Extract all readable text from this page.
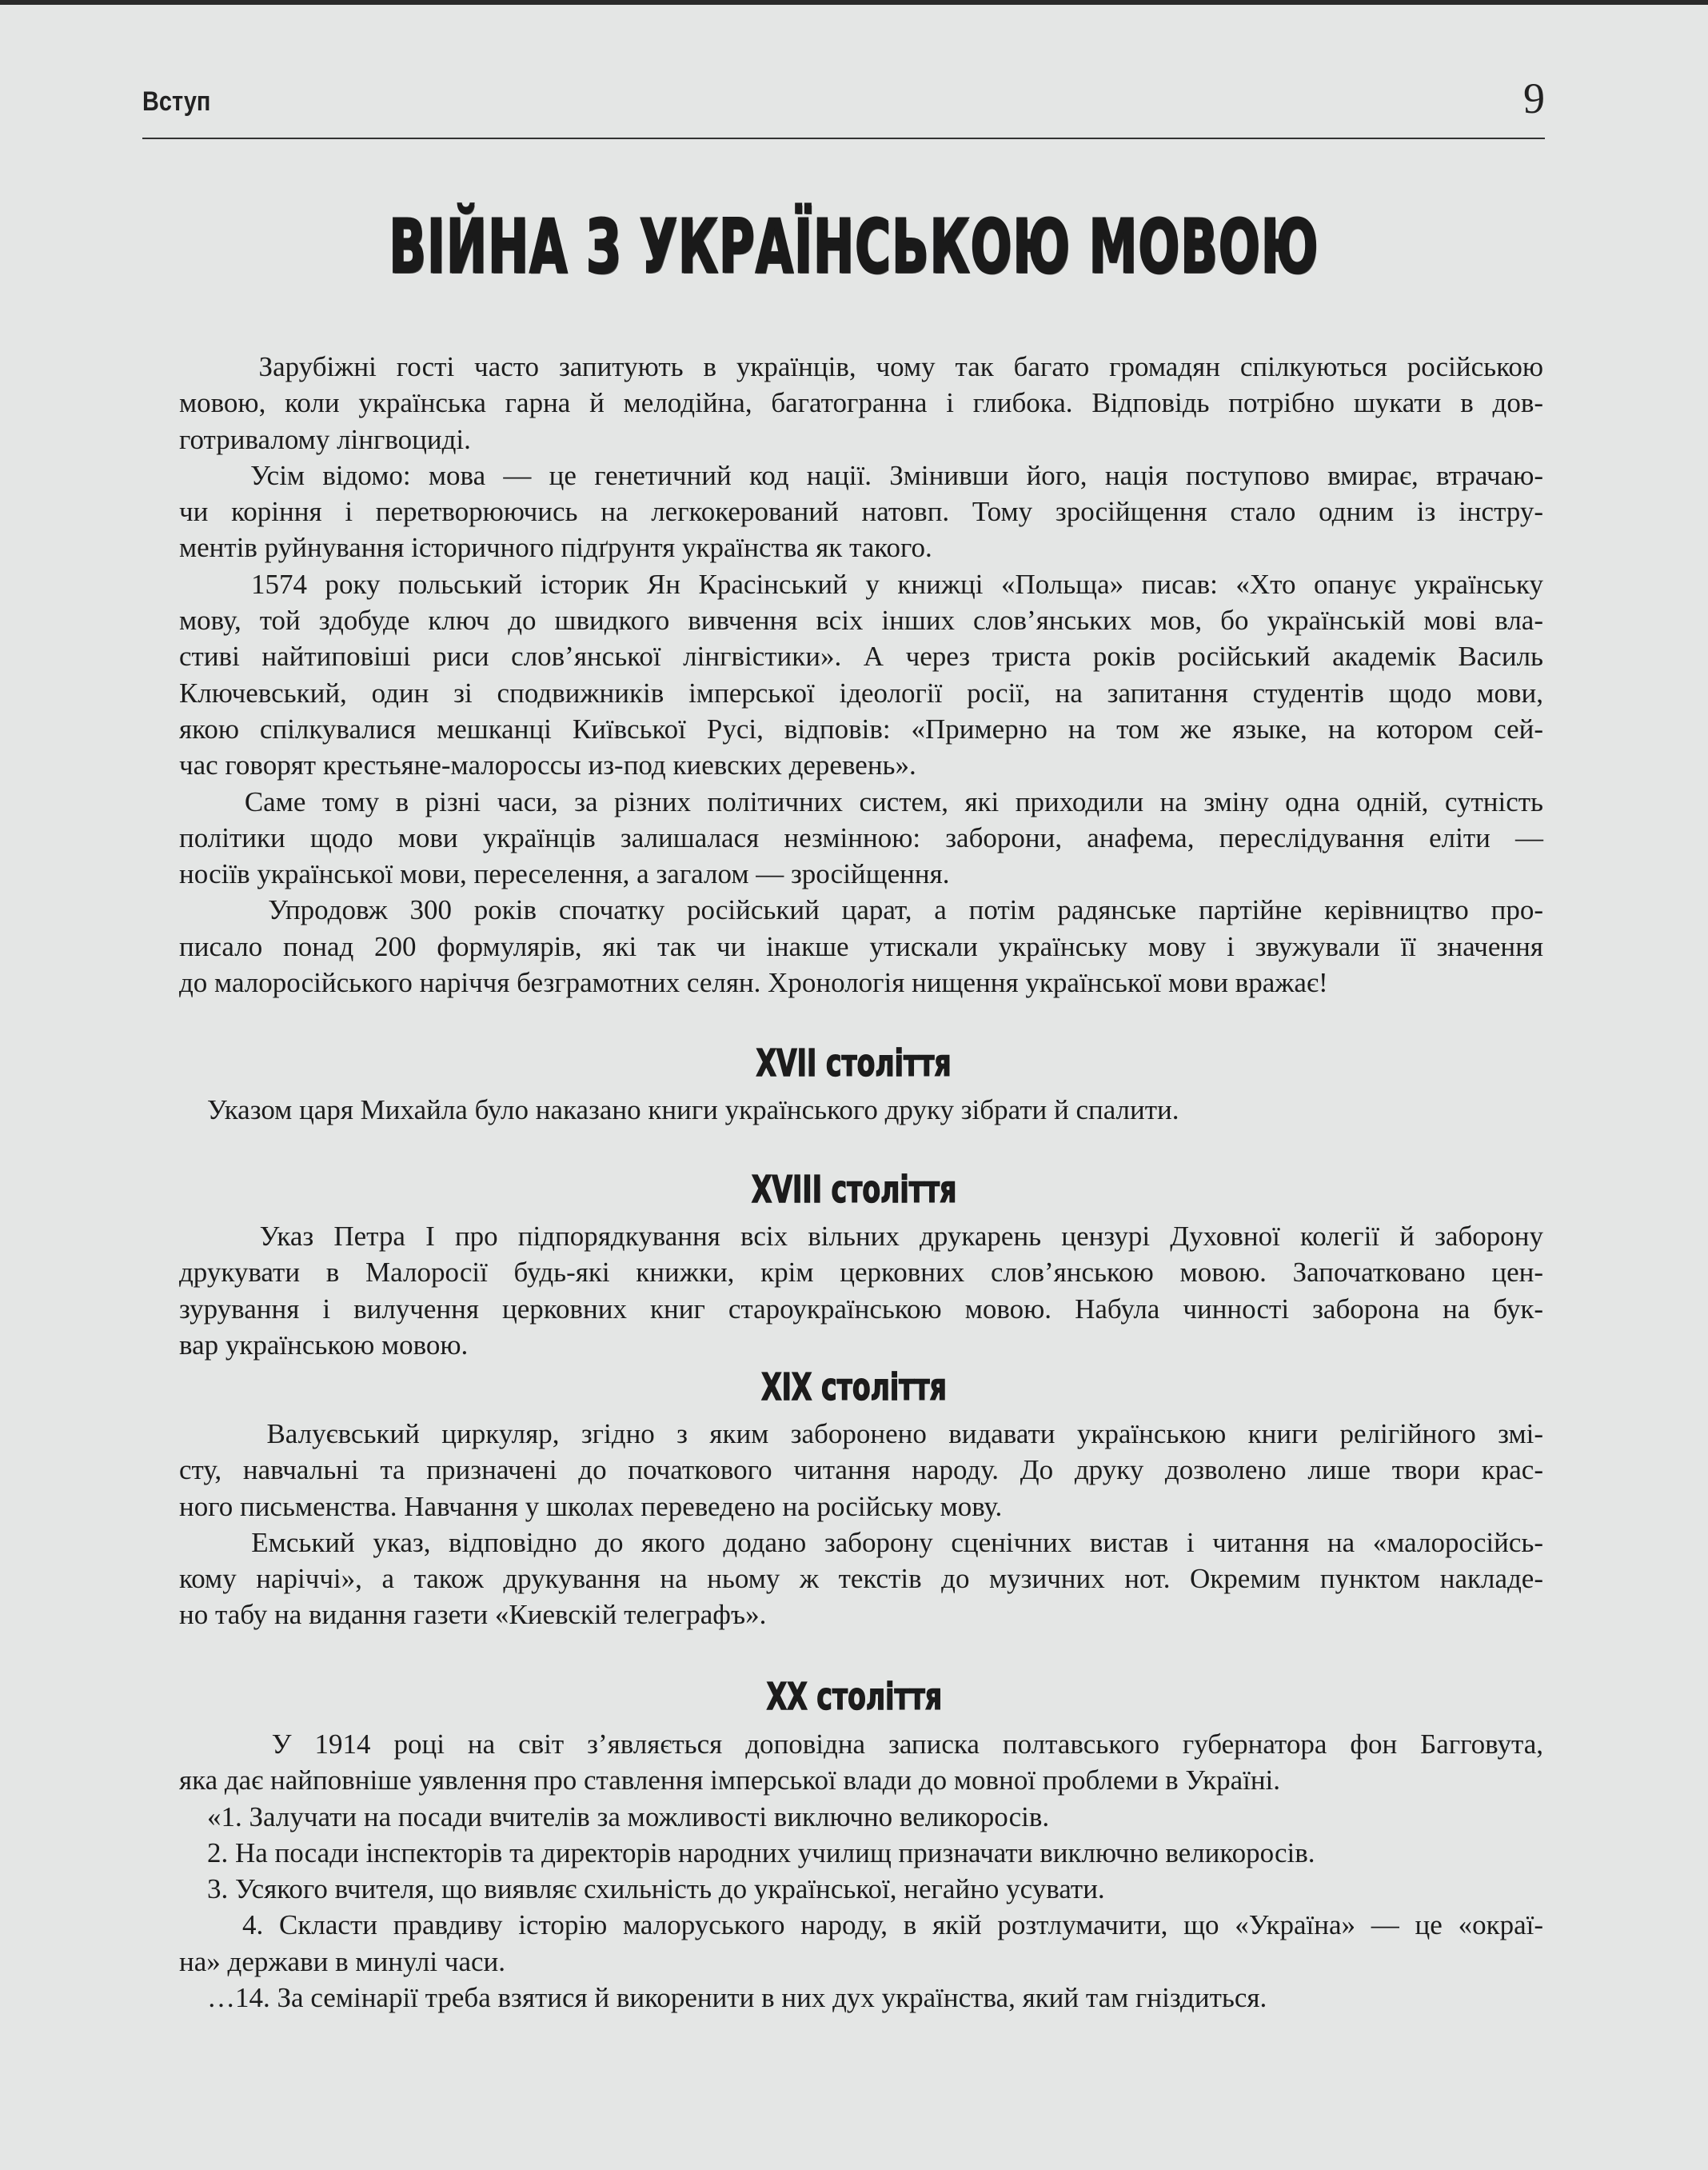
Вступ	9
ВІЙНА З УКРАЇНСЬКОЮ МОВОЮ
Зарубіжні гості часто запитують в українців, чому так багато громадян спілкуються російською
мовою, коли українська гарна й мелодійна, багатогранна і глибока. Відповідь потрібно шукати в дов-
готривалому лінгвоциді.
Усім відомо: мова — це генетичний код нації. Змінивши його, нація поступово вмирає, втрачаю-
чи коріння і перетворюючись на легкокерований натовп. Тому зросійщення стало одним із інстру-
ментів руйнування історичного підґрунтя українства як такого.
1574 року польський історик Ян Красінський у книжці «Польща» писав: «Хто опанує українську
мову, той здобуде ключ до швидкого вивчення всіх інших слов’янських мов, бо українській мові вла-
стиві найтиповіші риси слов’янської лінгвістики». А через триста років російський академік Василь
Ключевський, один зі сподвижників імперської ідеології росії, на запитання студентів щодо мови,
якою спілкувалися мешканці Київської Русі, відповів: «Примерно на том же языке, на котором сей-
час говорят крестьяне-малороссы из-под киевских деревень».
Саме тому в різні часи, за різних політичних систем, які приходили на зміну одна одній, сутність
політики щодо мови українців залишалася незмінною: заборони, анафема, переслідування еліти —
носіїв української мови, переселення, а загалом — зросійщення.
Упродовж 300 років спочатку російський царат, а потім радянське партійне керівництво про-
писало понад 200 формулярів, які так чи інакше утискали українську мову і звужували її значення
до малоросійського наріччя безграмотних селян. Хронологія нищення української мови вражає!
XVII століття
Указом царя Михайла було наказано книги українського друку зібрати й спалити.
XVIII століття
Указ Петра І про підпорядкування всіх вільних друкарень цензурі Духовної колегії й заборону
друкувати в Малоросії будь-які книжки, крім церковних слов’янською мовою. Започатковано цен-
зурування і вилучення церковних книг староукраїнською мовою. Набула чинності заборона на бук-
вар українською мовою.
XIX століття
Валуєвський циркуляр, згідно з яким заборонено видавати українською книги релігійного змі-
сту, навчальні та призначені до початкового читання народу. До друку дозволено лише твори крас-
ного письменства. Навчання у школах переведено на російську мову.
Емський указ, відповідно до якого додано заборону сценічних вистав і читання на «малоросійсь-
кому наріччі», а також друкування на ньому ж текстів до музичних нот. Окремим пунктом накладе-
но табу на видання газети «Киевскій телеграфъ».
XX століття
У 1914 році на світ з’являється доповідна записка полтавського губернатора фон Багговута,
яка дає найповніше уявлення про ставлення імперської влади до мовної проблеми в Україні.
«1. Залучати на посади вчителів за можливості виключно великоросів.
2. На посади інспекторів та директорів народних училищ призначати виключно великоросів.
3. Усякого вчителя, що виявляє схильність до української, негайно усувати.
4. Скласти правдиву історію малоруського народу, в якій розтлумачити, що «Україна» — це «окраї-
на» держави в минулі часи.
…14. За семінарії треба взятися й викоренити в них дух українства, який там гніздиться.
